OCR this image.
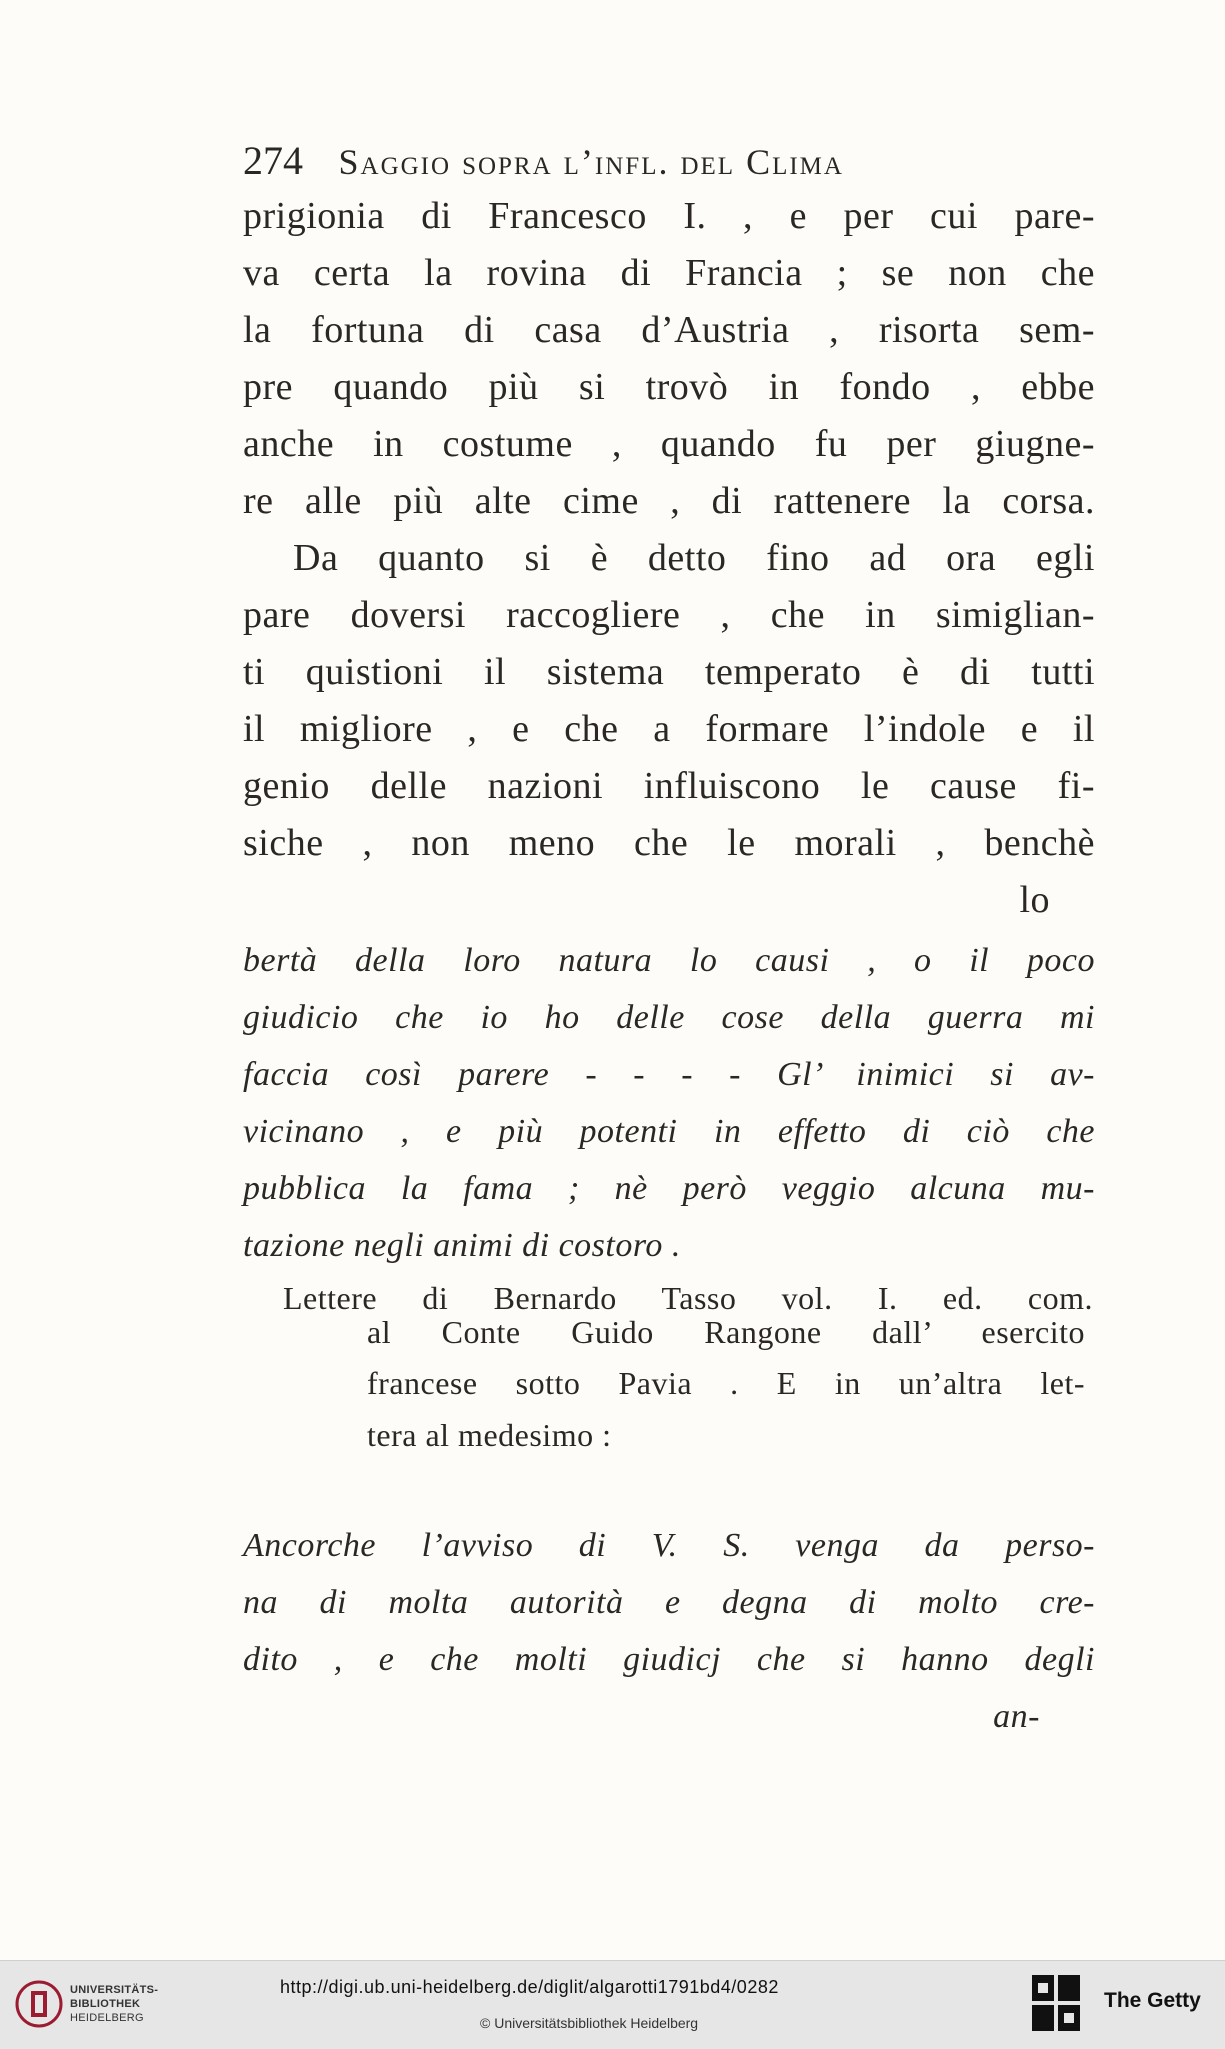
274 Saggio sopra l’infl. del Clima
prigionia di Francesco I. , e per cui pare-
va certa la rovina di Francia ; se non che
la fortuna di casa d’Austria , risorta sem-
pre quando più si trovò in fondo , ebbe
anche in costume , quando fu per giugne-
re alle più alte cime , di rattenere la corsa.
Da quanto si è detto fino ad ora egli
pare doversi raccogliere , che in simiglian-
ti quistioni il sistema temperato è di tutti
il migliore , e che a formare l’indole e il
genio delle nazioni influiscono le cause fi-
siche , non meno che le morali , benchè
lo
bertà della loro natura lo causi , o il poco
giudicio che io ho delle cose della guerra mi
faccia così parere - - - - Gl’ inimici si av-
vicinano , e più potenti in effetto di ciò che
pubblica la fama ; nè però veggio alcuna mu-
tazione negli animi di costoro .
Lettere di Bernardo Tasso vol. I. ed. com.
al Conte Guido Rangone dall’ esercito
francese sotto Pavia . E in un’altra let-
tera al medesimo :
Ancorche l’avviso di V. S. venga da perso-
na di molta autorità e degna di molto cre-
dito , e che molti giudicj che si hanno degli
an-
UNIVERSITÄTS-
BIBLIOTHEK
HEIDELBERG
http://digi.ub.uni-heidelberg.de/diglit/algarotti1791bd4/0282
© Universitätsbibliothek Heidelberg
The Getty
